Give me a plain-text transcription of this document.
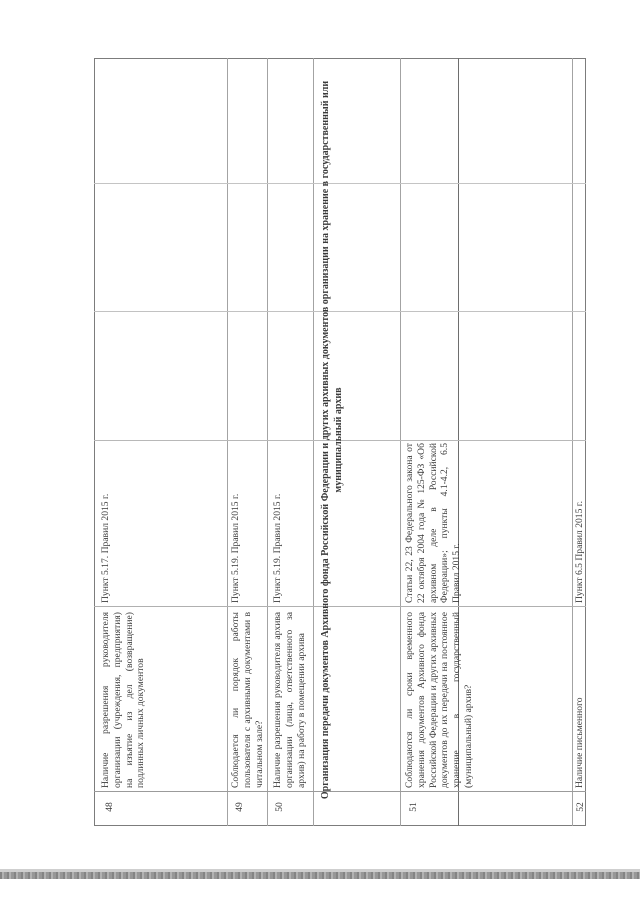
48
Наличие разрешения руководителя организации (учреждения, предприятия) на изъятие из дел (возвращение) подлинных личных документов
Пункт 5.17. Правил 2015 г.
49
Соблюдается ли порядок работы пользователя с архивными документами в читальном зале?
Пункт 5.19. Правил 2015 г.
50
Наличие разрешения руководителя архива организации (лица, ответственного за архив) на работу в помещении архива
Пункт 5.19. Правил 2015 г.	Организация передачи документов Архивного фонда Российской Федерации и других архивных документов организации на хранение в государственный или муниципальный архив
51
Соблюдаются ли сроки временного хранения документов Архивного фонда Российской Федерации и других архивных документов до их передачи на постоянное хранение в государственный (муниципальный) архив?
Статьи 22, 23 Федерального закона от 22 октября 2004 года № 125-ФЗ «Об архивном деле в Российской Федерации»; пункты 4.1-4.2, 6.5 Правил 2015 г.
52
Наличие письменного
Пункт 6.5 Правил 2015 г.
